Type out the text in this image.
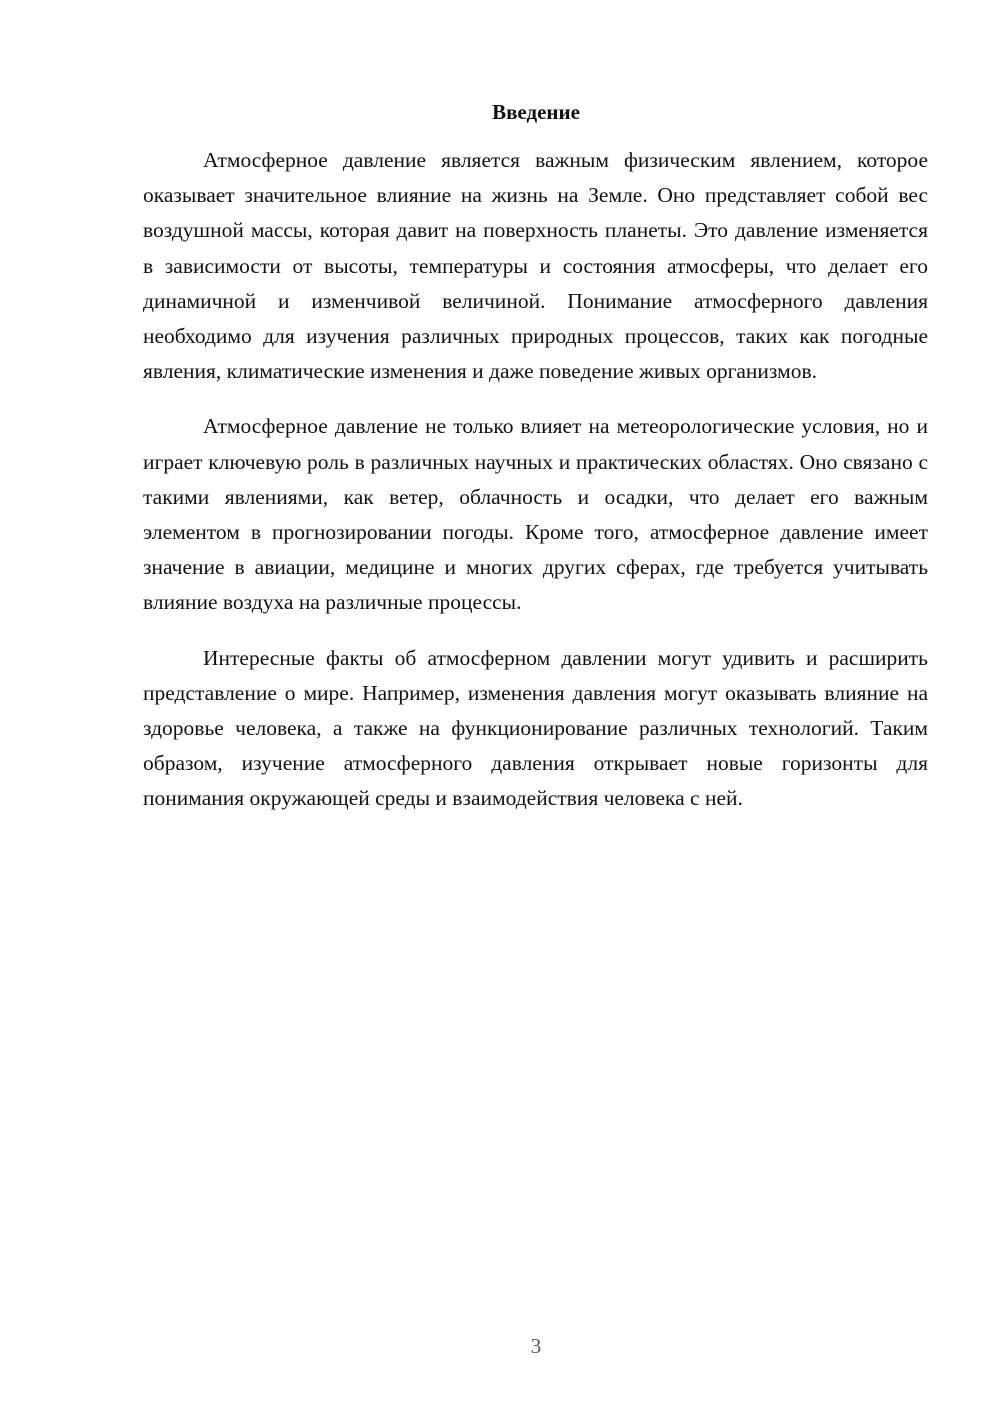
Введение

Атмосферное давление является важным физическим явлением, которое оказывает значительное влияние на жизнь на Земле. Оно представляет собой вес воздушной массы, которая давит на поверхность планеты. Это давление изменяется в зависимости от высоты, температуры и состояния атмосферы, что делает его динамичной и изменчивой величиной. Понимание атмосферного давления необходимо для изучения различных природных процессов, таких как погодные явления, климатические изменения и даже поведение живых организмов.

Атмосферное давление не только влияет на метеорологические условия, но и играет ключевую роль в различных научных и практических областях. Оно связано с такими явлениями, как ветер, облачность и осадки, что делает его важным элементом в прогнозировании погоды. Кроме того, атмосферное давление имеет значение в авиации, медицине и многих других сферах, где требуется учитывать влияние воздуха на различные процессы.

Интересные факты об атмосферном давлении могут удивить и расширить представление о мире. Например, изменения давления могут оказывать влияние на здоровье человека, а также на функционирование различных технологий. Таким образом, изучение атмосферного давления открывает новые горизонты для понимания окружающей среды и взаимодействия человека с ней.

3
